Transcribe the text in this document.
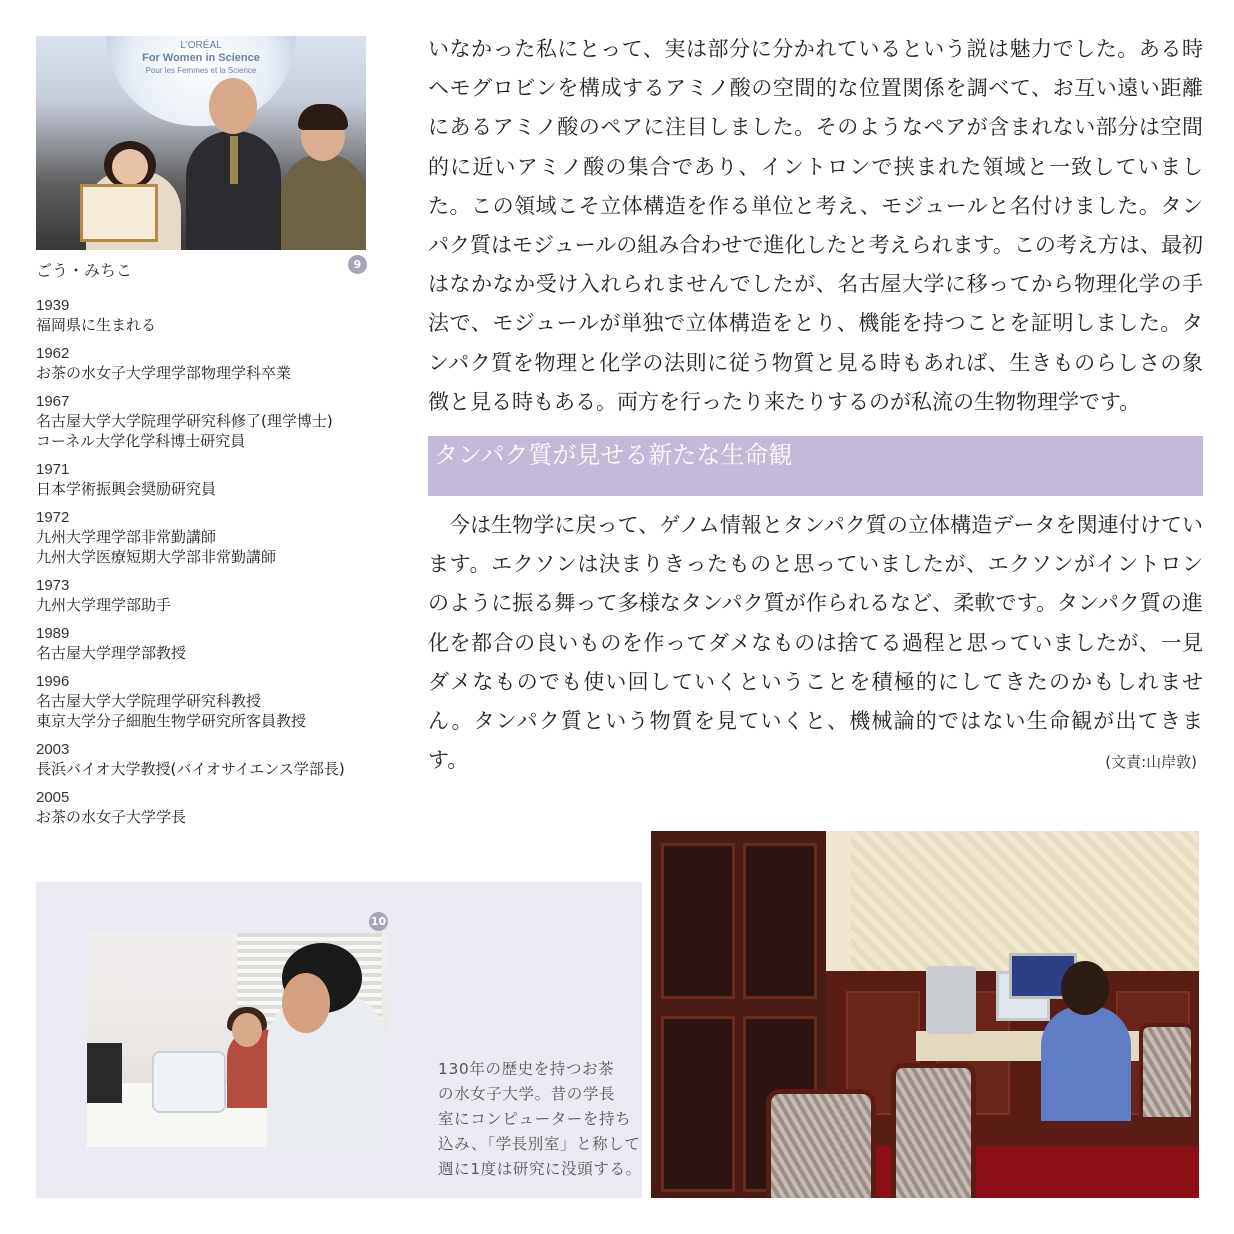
L'ORÉAL
For Women in Science
Pour les Femmes et la Science
ごう・みちこ	9
1939
福岡県に生まれる
1962
お茶の水女子大学理学部物理学科卒業
1967
名古屋大学大学院理学研究科修了(理学博士)
コーネル大学化学科博士研究員
1971
日本学術振興会奨励研究員
1972
九州大学理学部非常勤講師
九州大学医療短期大学部非常勤講師
1973
九州大学理学部助手
1989
名古屋大学理学部教授
1996
名古屋大学大学院理学研究科教授
東京大学分子細胞生物学研究所客員教授
2003
長浜バイオ大学教授(バイオサイエンス学部長)
2005
お茶の水女子大学学長

いなかった私にとって、実は部分に分かれているという説は魅力でした。ある時ヘモグロビンを構成するアミノ酸の空間的な位置関係を調べて、お互い遠い距離にあるアミノ酸のペアに注目しました。そのようなペアが含まれない部分は空間的に近いアミノ酸の集合であり、イントロンで挟まれた領域と一致していました。この領域こそ立体構造を作る単位と考え、モジュールと名付けました。タンパク質はモジュールの組み合わせで進化したと考えられます。この考え方は、最初はなかなか受け入れられませんでしたが、名古屋大学に移ってから物理化学の手法で、モジュールが単独で立体構造をとり、機能を持つことを証明しました。タンパク質を物理と化学の法則に従う物質と見る時もあれば、生きものらしさの象徴と見る時もある。両方を行ったり来たりするのが私流の生物物理学です。

タンパク質が見せる新たな生命観

今は生物学に戻って、ゲノム情報とタンパク質の立体構造データを関連付けています。エクソンは決まりきったものと思っていましたが、エクソンがイントロンのように振る舞って多様なタンパク質が作られるなど、柔軟です。タンパク質の進化を都合の良いものを作ってダメなものは捨てる過程と思っていましたが、一見ダメなものでも使い回していくということを積極的にしてきたのかもしれません。タンパク質という物質を見ていくと、機械論的ではない生命観が出てきます。	(文責:山岸敦)
10
130年の歴史を持つお茶
の水女子大学。昔の学長
室にコンピューターを持ち
込み、「学長別室」と称して
週に1度は研究に没頭する。
